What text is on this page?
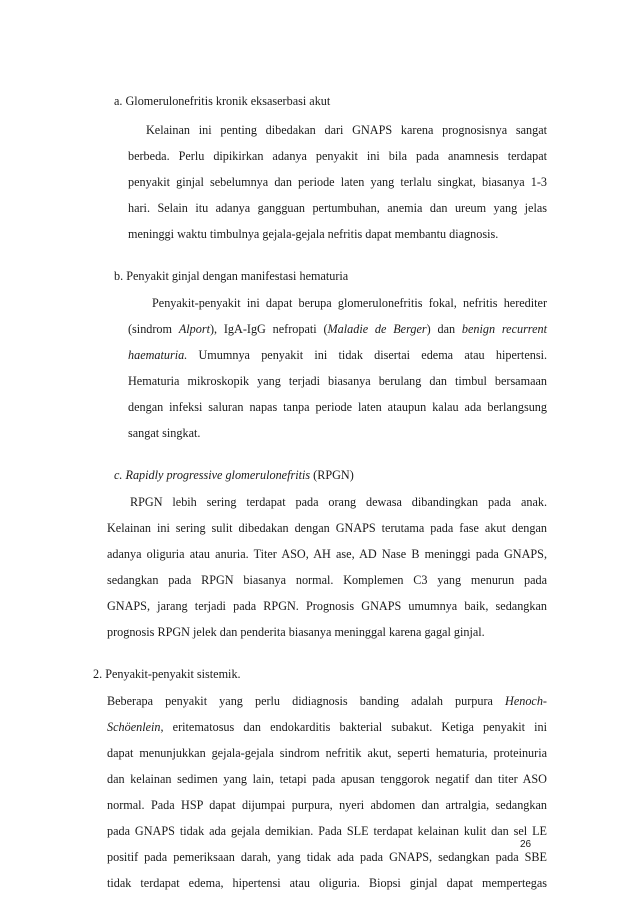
a. Glomerulonefritis kronik eksaserbasi akut
Kelainan ini penting dibedakan dari GNAPS karena prognosisnya sangat
berbeda. Perlu dipikirkan adanya penyakit ini bila pada anamnesis terdapat
penyakit ginjal sebelumnya dan periode laten yang terlalu singkat, biasanya 1-3
hari. Selain itu adanya gangguan pertumbuhan, anemia dan ureum yang jelas
meninggi waktu timbulnya gejala-gejala nefritis dapat membantu diagnosis.
b. Penyakit ginjal dengan manifestasi hematuria
Penyakit-penyakit ini dapat berupa glomerulonefritis fokal, nefritis herediter
(sindrom Alport), IgA-IgG nefropati (Maladie de Berger) dan benign recurrent
haematuria. Umumnya penyakit ini tidak disertai edema atau hipertensi.
Hematuria mikroskopik yang terjadi biasanya berulang dan timbul bersamaan
dengan infeksi saluran napas tanpa periode laten ataupun kalau ada berlangsung
sangat singkat.
c. Rapidly progressive glomerulonefritis (RPGN)
RPGN lebih sering terdapat pada orang dewasa dibandingkan pada anak.
Kelainan ini sering sulit dibedakan dengan GNAPS terutama pada fase akut dengan
adanya oliguria atau anuria. Titer ASO, AH ase, AD Nase B meninggi pada GNAPS,
sedangkan pada RPGN biasanya normal. Komplemen C3 yang menurun pada
GNAPS, jarang terjadi pada RPGN. Prognosis GNAPS umumnya baik, sedangkan
prognosis RPGN jelek dan penderita biasanya meninggal karena gagal ginjal.
2. Penyakit-penyakit sistemik.
Beberapa penyakit yang perlu didiagnosis banding adalah purpura Henoch-
Schöenlein, eritematosus dan endokarditis bakterial subakut. Ketiga penyakit ini
dapat menunjukkan gejala-gejala sindrom nefritik akut, seperti hematuria, proteinuria
dan kelainan sedimen yang lain, tetapi pada apusan tenggorok negatif dan titer ASO
normal. Pada HSP dapat dijumpai purpura, nyeri abdomen dan artralgia, sedangkan
pada GNAPS tidak ada gejala demikian. Pada SLE terdapat kelainan kulit dan sel LE
positif pada pemeriksaan darah, yang tidak ada pada GNAPS, sedangkan pada SBE
tidak terdapat edema, hipertensi atau oliguria. Biopsi ginjal dapat mempertegas
26
